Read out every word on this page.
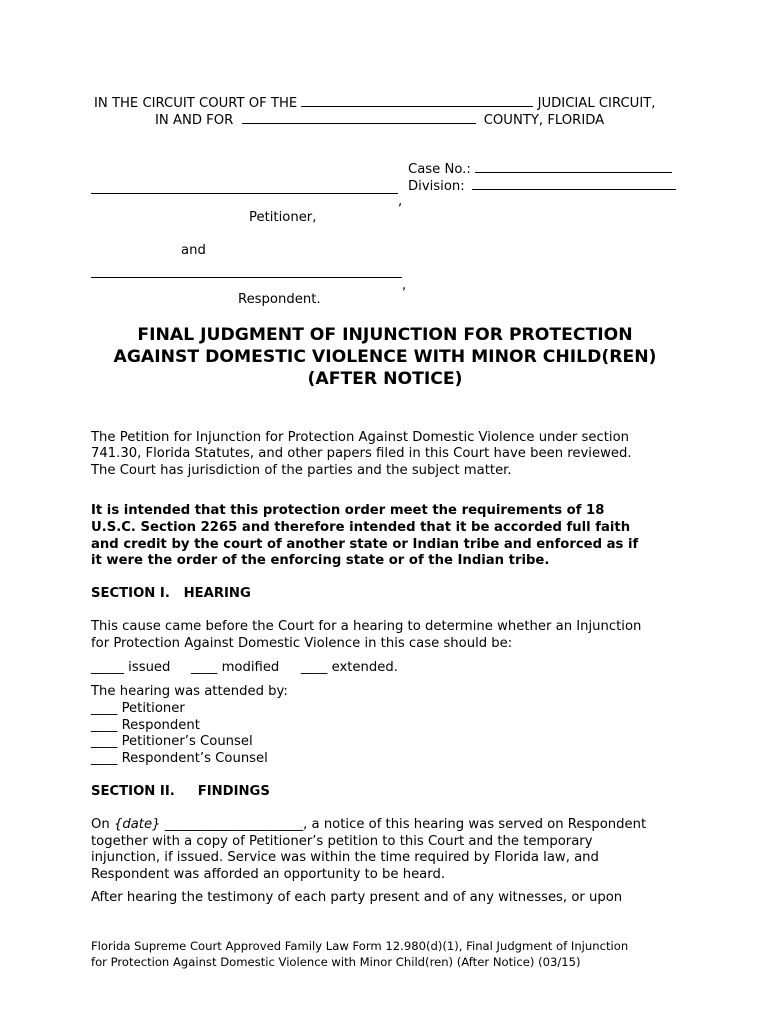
IN THE CIRCUIT COURT OF THE	JUDICIAL CIRCUIT,
IN AND FOR	COUNTY, FLORIDA
Case No.:
Division:
,
Petitioner,
and
,
Respondent.
FINAL JUDGMENT OF INJUNCTION FOR PROTECTION
AGAINST DOMESTIC VIOLENCE WITH MINOR CHILD(REN)
(AFTER NOTICE)
The Petition for Injunction for Protection Against Domestic Violence under section
741.30, Florida Statutes, and other papers filed in this Court have been reviewed.
The Court has jurisdiction of the parties and the subject matter.
It is intended that this protection order meet the requirements of 18
U.S.C. Section 2265 and therefore intended that it be accorded full faith
and credit by the court of another state or Indian tribe and enforced as if
it were the order of the enforcing state or of the Indian tribe.
SECTION I.   HEARING
This cause came before the Court for a hearing to determine whether an Injunction
for Protection Against Domestic Violence in this case should be:
_____ issued ____ modified ____ extended.
The hearing was attended by:
____ Petitioner
____ Respondent
____ Petitioner’s Counsel
____ Respondent’s Counsel
SECTION II.     FINDINGS
On {date} _____________________, a notice of this hearing was served on Respondent
together with a copy of Petitioner’s petition to this Court and the temporary
injunction, if issued. Service was within the time required by Florida law, and
Respondent was afforded an opportunity to be heard.
After hearing the testimony of each party present and of any witnesses, or upon
Florida Supreme Court Approved Family Law Form 12.980(d)(1), Final Judgment of Injunction
for Protection Against Domestic Violence with Minor Child(ren) (After Notice) (03/15)
